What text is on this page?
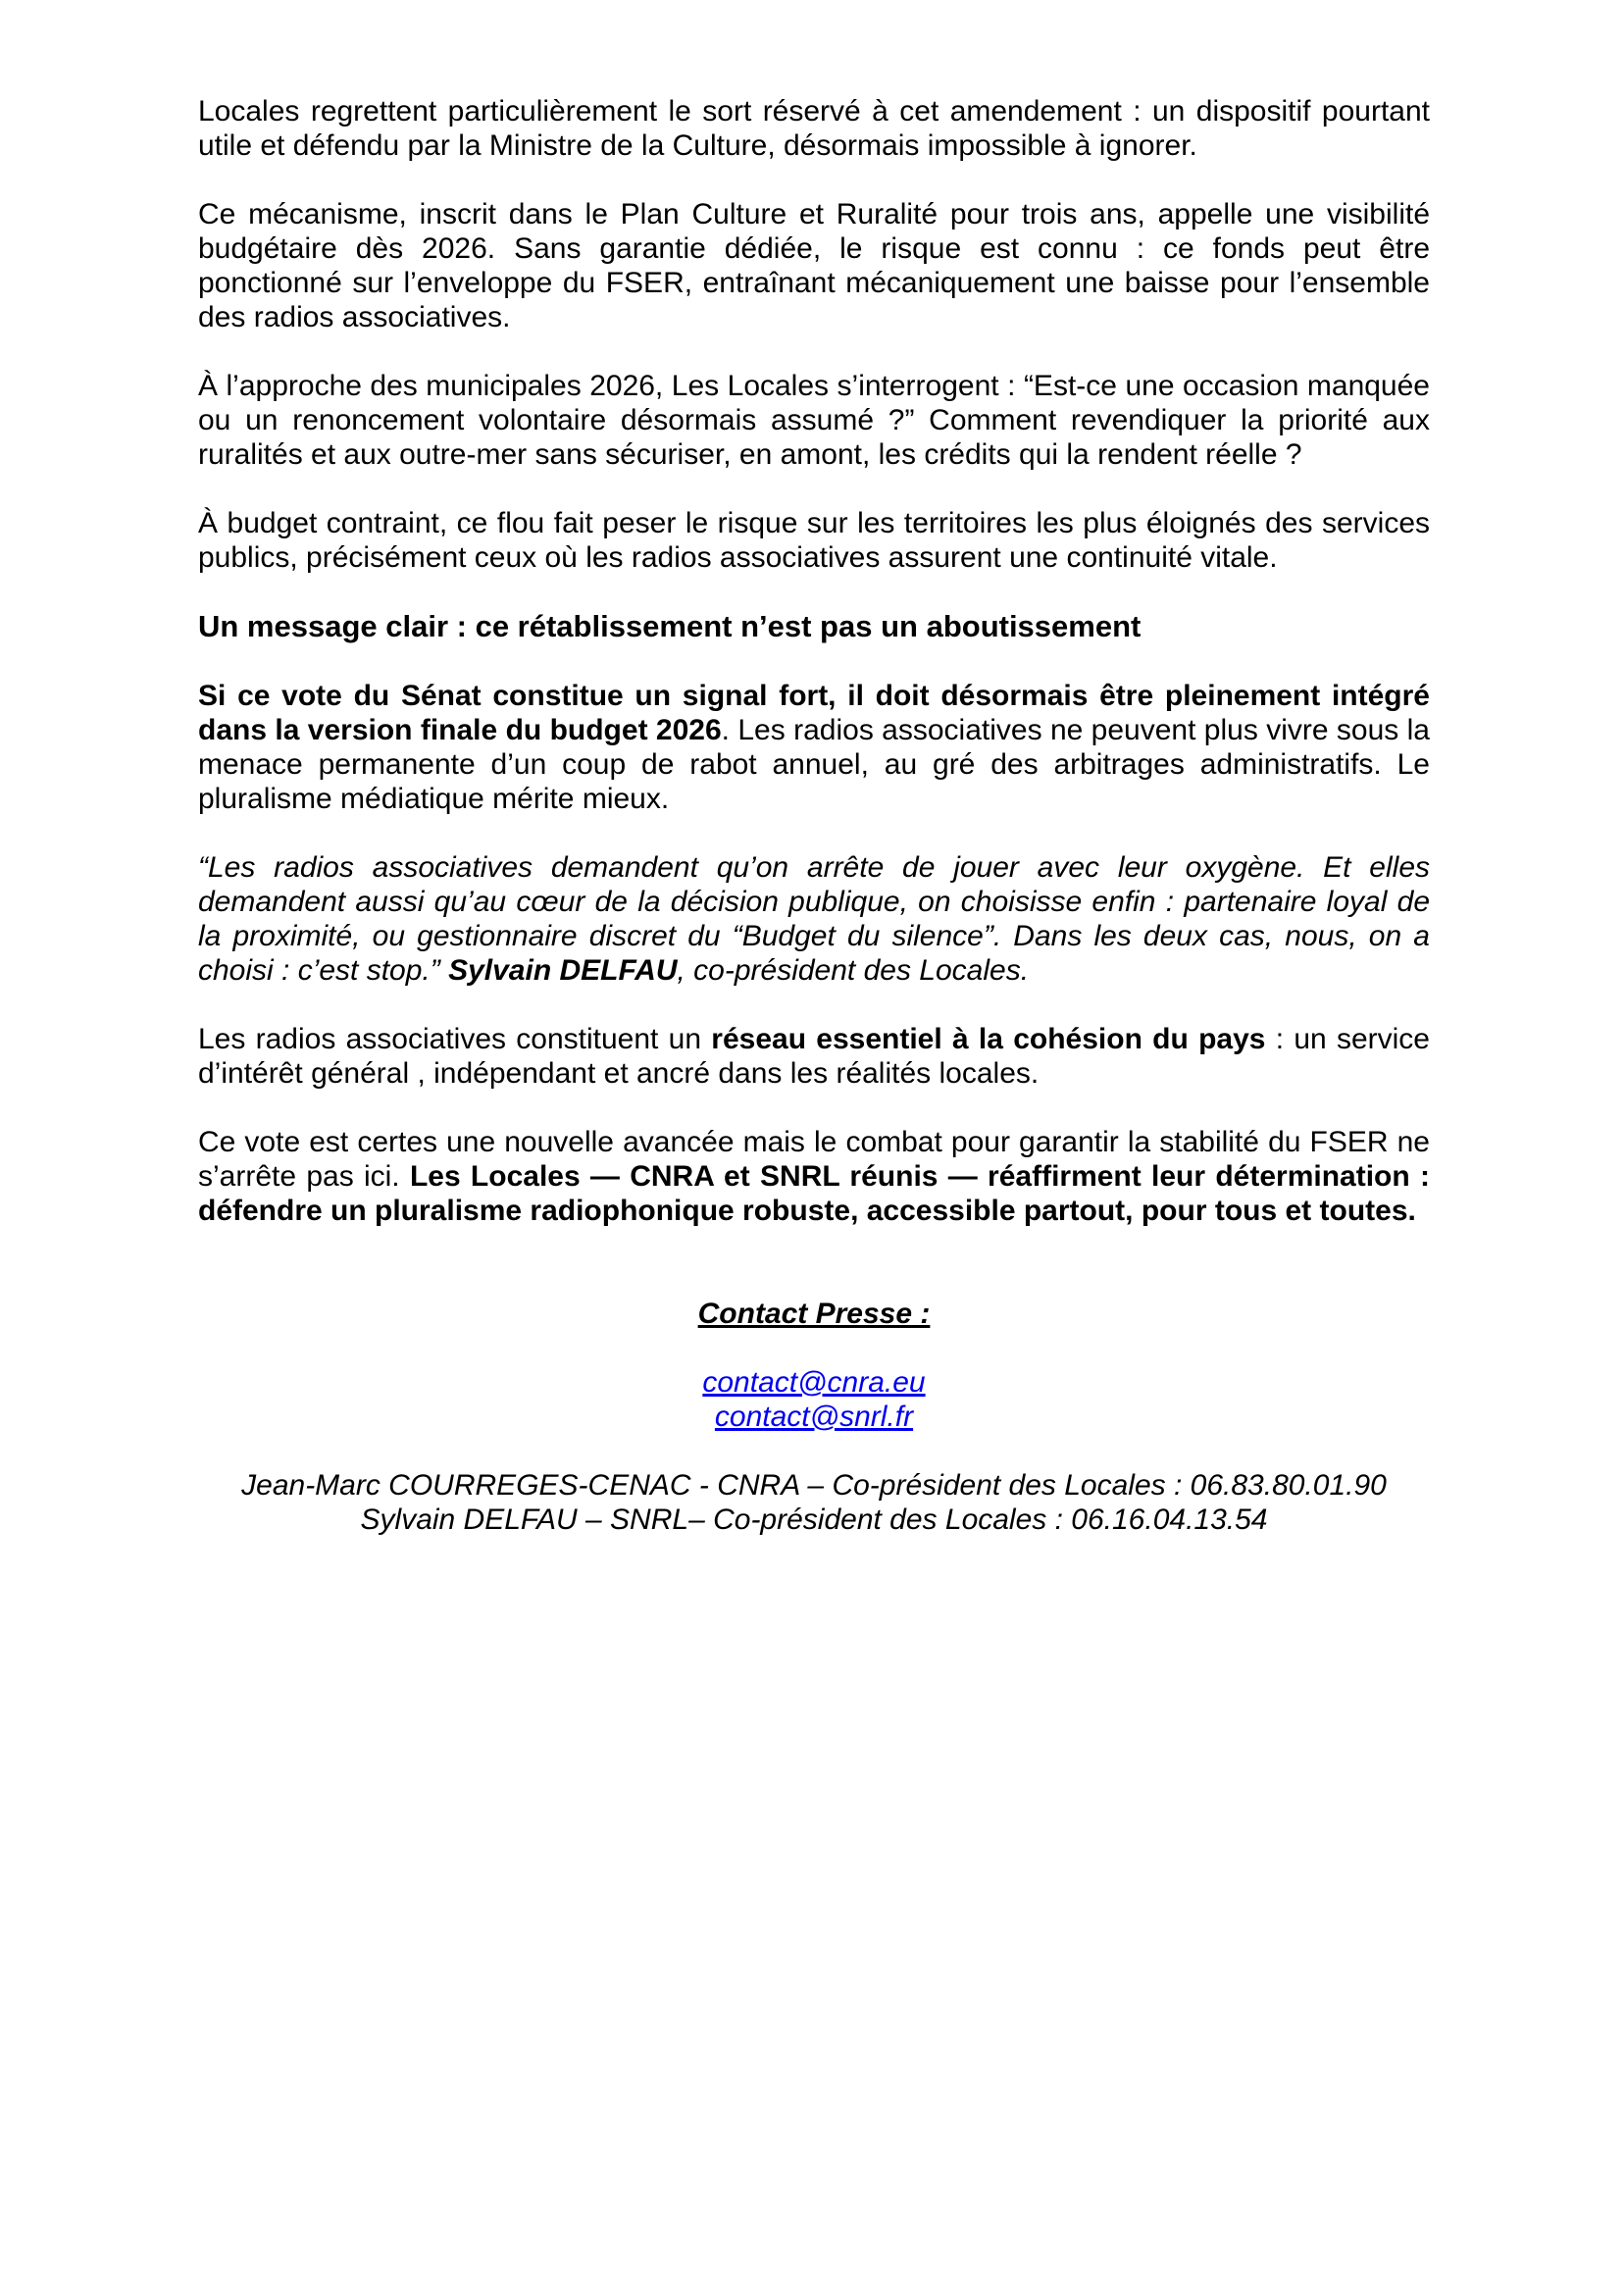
Locales regrettent particulièrement le sort réservé à cet amendement : un dispositif pourtant utile et défendu par la Ministre de la Culture, désormais impossible à ignorer.

Ce mécanisme, inscrit dans le Plan Culture et Ruralité pour trois ans, appelle une visibilité budgétaire dès 2026. Sans garantie dédiée, le risque est connu : ce fonds peut être ponctionné sur l’enveloppe du FSER, entraînant mécaniquement une baisse pour l’ensemble des radios associatives.

À l’approche des municipales 2026, Les Locales s’interrogent : “Est-ce une occasion manquée ou un renoncement volontaire désormais assumé ?” Comment revendiquer la priorité aux ruralités et aux outre-mer sans sécuriser, en amont, les crédits qui la rendent réelle ?

À budget contraint, ce flou fait peser le risque sur les territoires les plus éloignés des services publics, précisément ceux où les radios associatives assurent une continuité vitale.

Un message clair : ce rétablissement n’est pas un aboutissement

Si ce vote du Sénat constitue un signal fort, il doit désormais être pleinement intégré dans la version finale du budget 2026. Les radios associatives ne peuvent plus vivre sous la menace permanente d’un coup de rabot annuel, au gré des arbitrages administratifs. Le pluralisme médiatique mérite mieux.

“Les radios associatives demandent qu’on arrête de jouer avec leur oxygène. Et elles demandent aussi qu’au cœur de la décision publique, on choisisse enfin : partenaire loyal de la proximité, ou gestionnaire discret du “Budget du silence”. Dans les deux cas, nous, on a choisi : c’est stop.” Sylvain DELFAU, co-président des Locales.

Les radios associatives constituent un réseau essentiel à la cohésion du pays : un service d’intérêt général , indépendant et ancré dans les réalités locales.

Ce vote est certes une nouvelle avancée mais le combat pour garantir la stabilité du FSER ne s’arrête pas ici. Les Locales — CNRA et SNRL réunis — réaffirment leur détermination : défendre un pluralisme radiophonique robuste, accessible partout, pour tous et toutes.

Contact Presse :

contact@cnra.eu

contact@snrl.fr

Jean-Marc COURREGES-CENAC - CNRA – Co-président des Locales : 06.83.80.01.90

Sylvain DELFAU – SNRL– Co-président des Locales : 06.16.04.13.54
